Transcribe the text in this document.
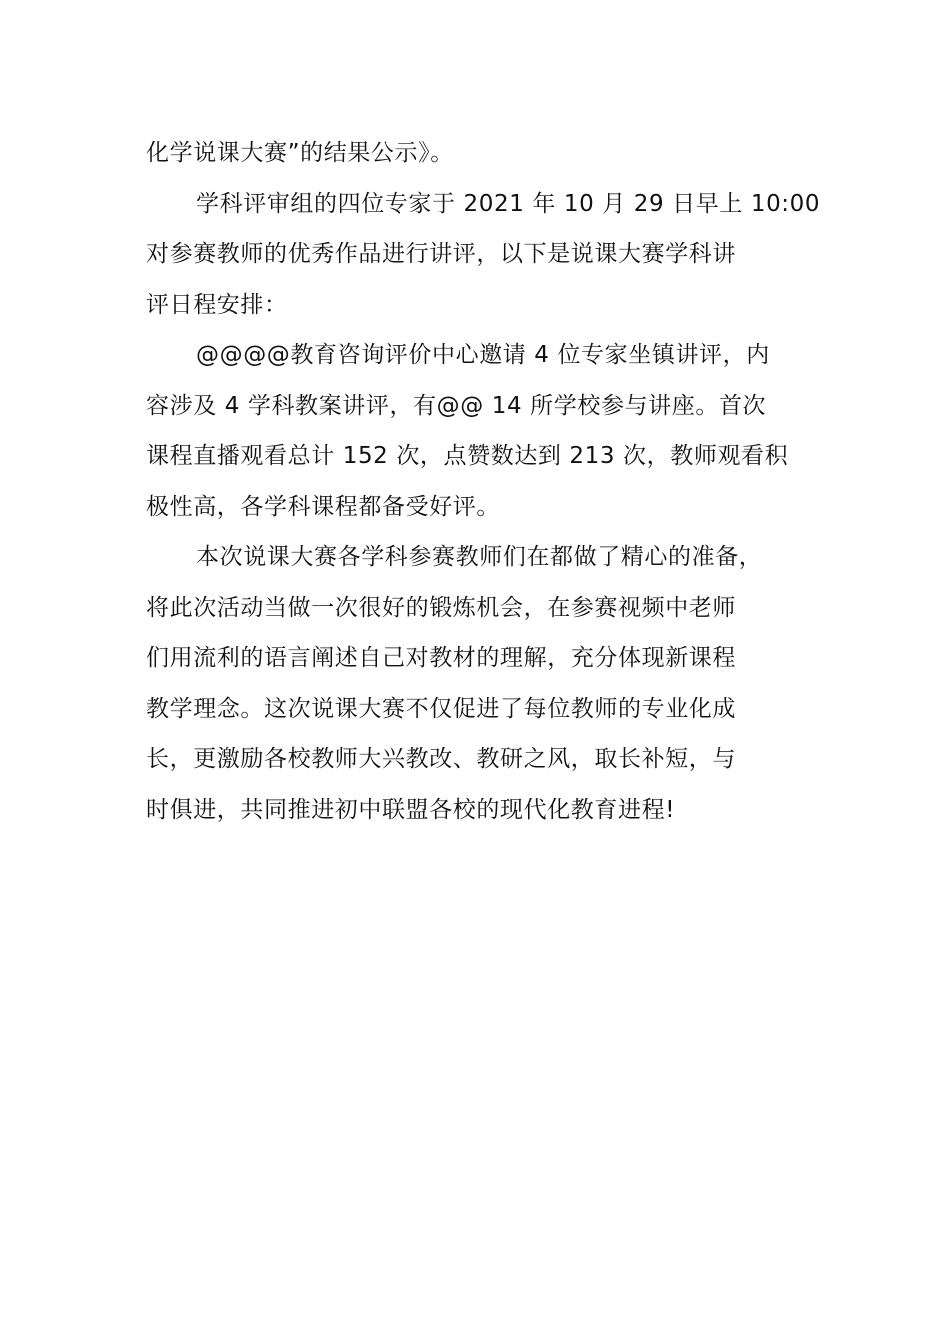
化学说课大赛”的结果公示》。
学科评审组的四位专家于 2021 年 10 月 29 日早上 10:00
对参赛教师的优秀作品进行讲评，以下是说课大赛学科讲
评日程安排：
@@@@教育咨询评价中心邀请 4 位专家坐镇讲评，内
容涉及 4 学科教案讲评，有@@ 14 所学校参与讲座。首次
课程直播观看总计 152 次，点赞数达到 213 次，教师观看积
极性高，各学科课程都备受好评。
本次说课大赛各学科参赛教师们在都做了精心的准备，
将此次活动当做一次很好的锻炼机会，在参赛视频中老师
们用流利的语言阐述自己对教材的理解，充分体现新课程
教学理念。这次说课大赛不仅促进了每位教师的专业化成
长，更激励各校教师大兴教改、教研之风，取长补短，与
时俱进，共同推进初中联盟各校的现代化教育进程!
